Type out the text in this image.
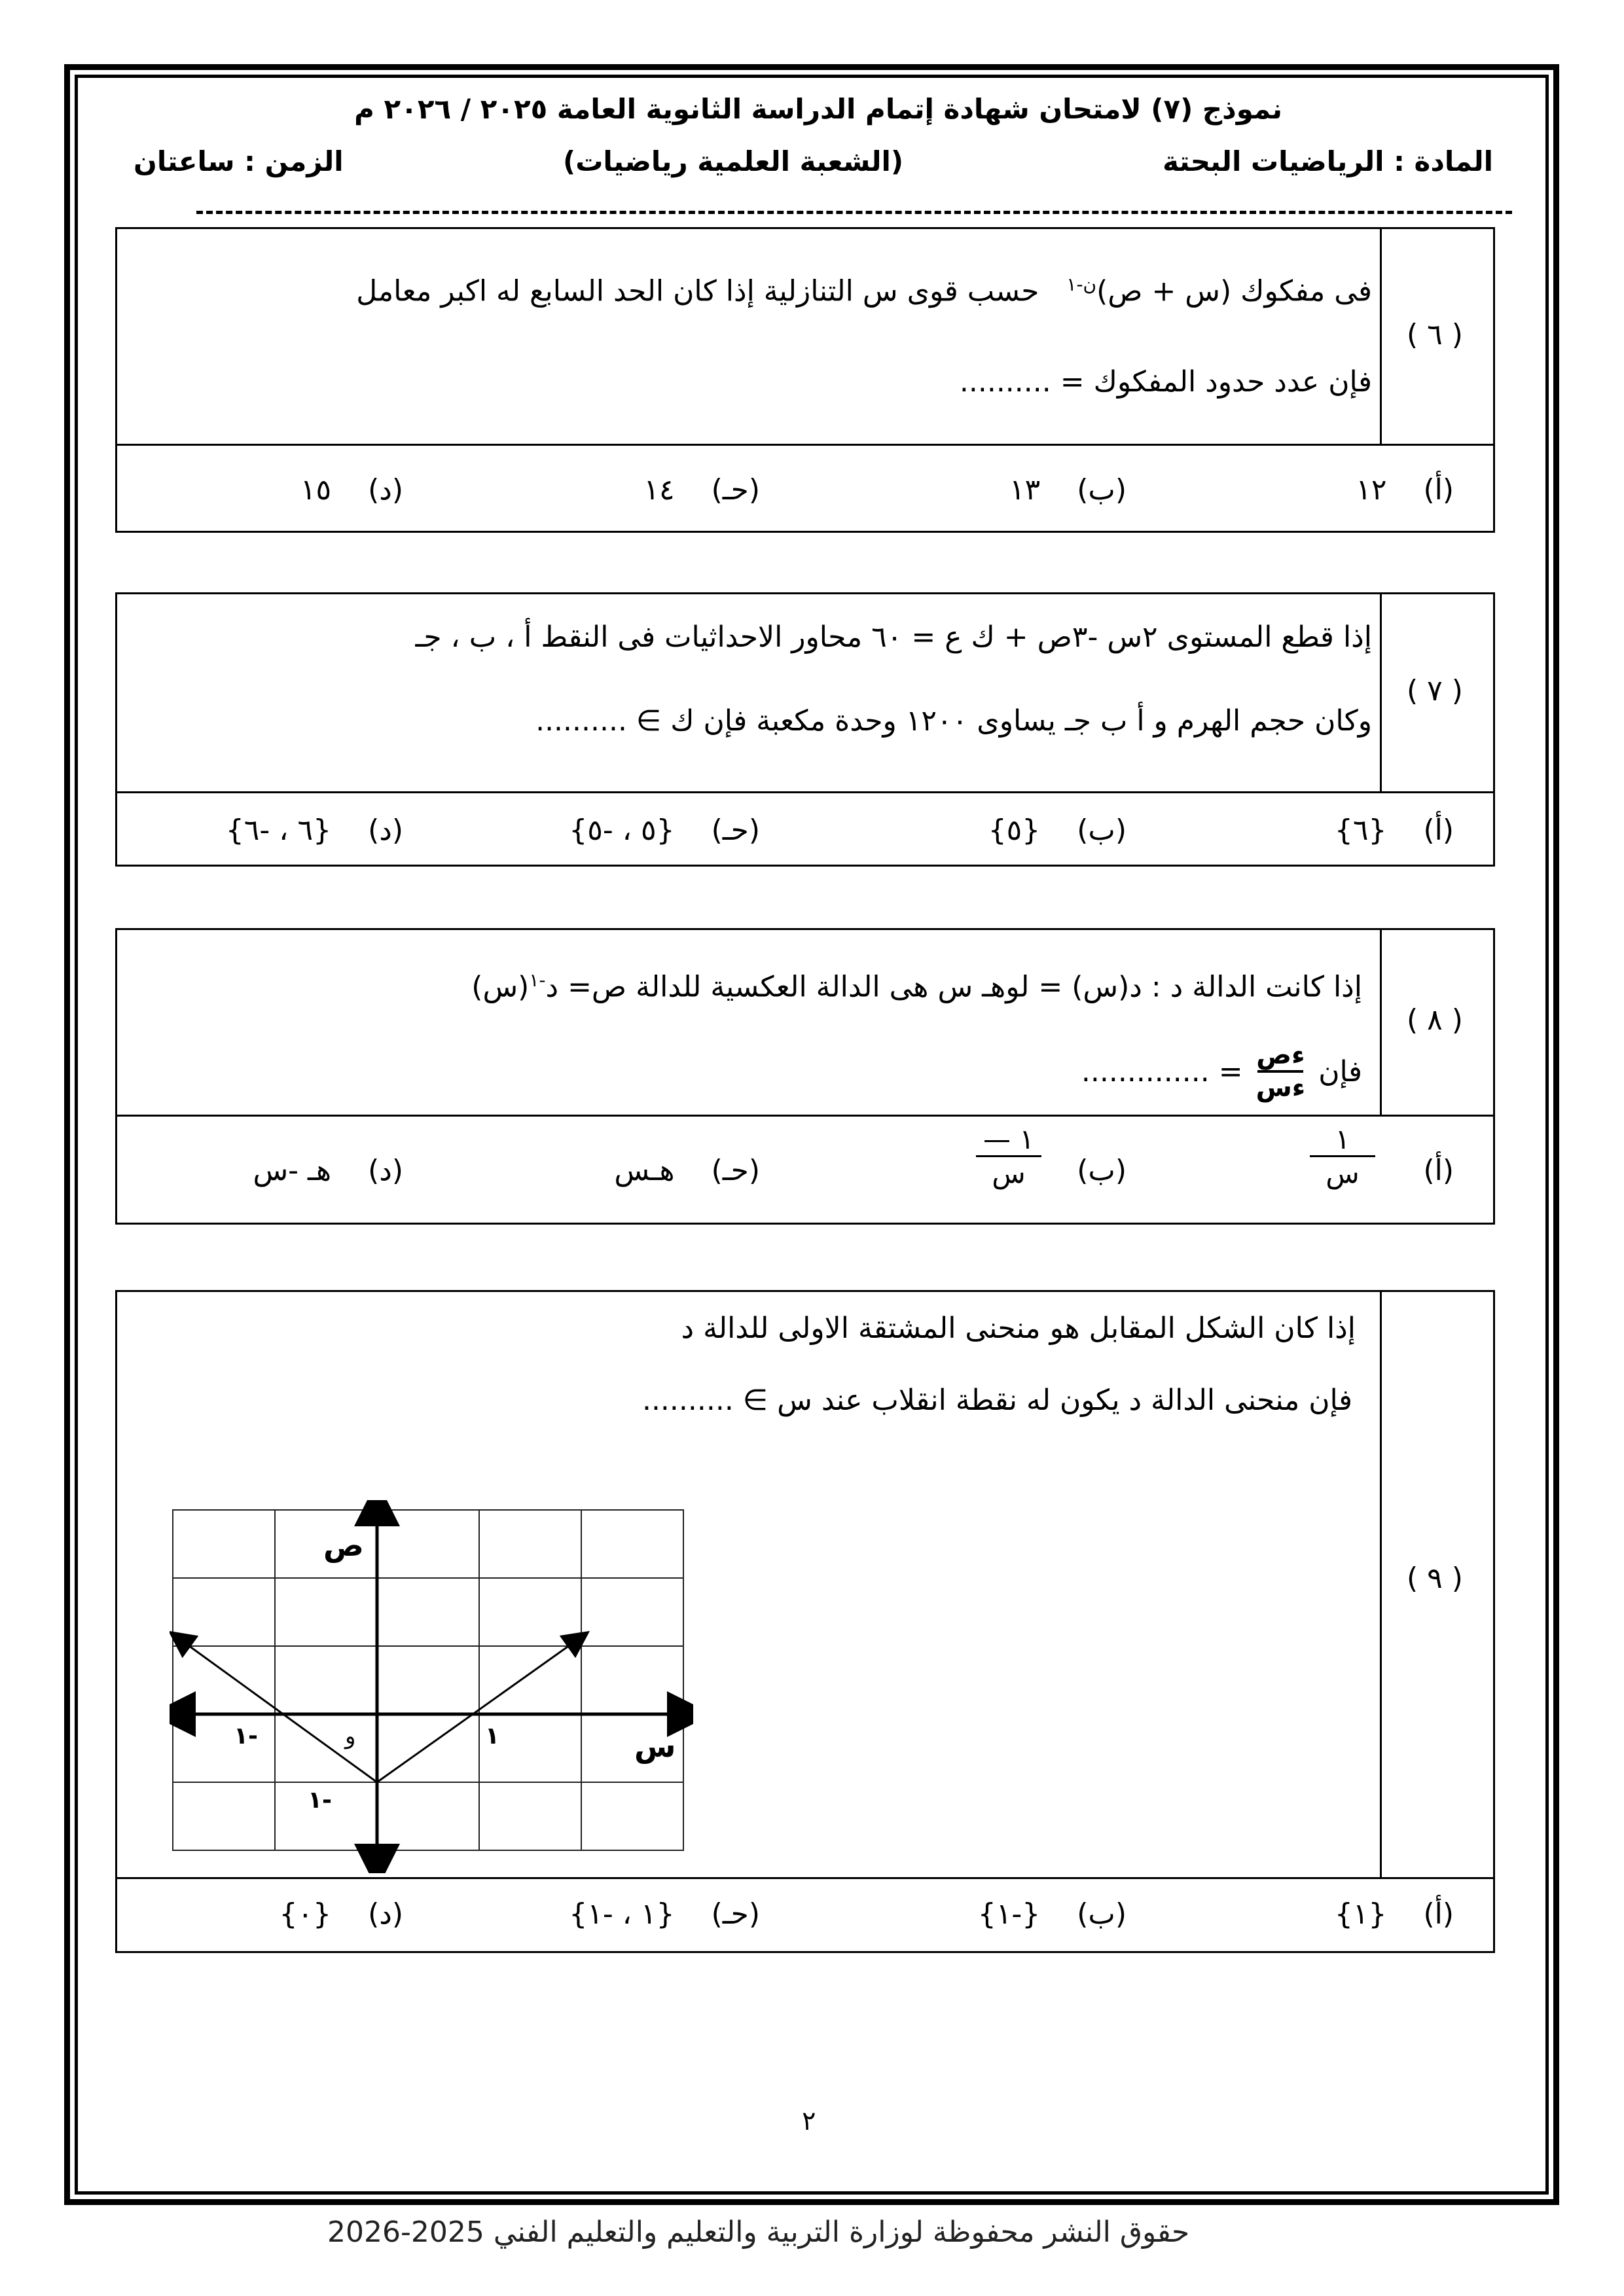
نموذج (٧) لامتحان شهادة إتمام الدراسة الثانوية العامة ٢٠٢٥ / ٢٠٢٦ م
المادة : الرياضيات البحتة
(الشعبة العلمية رياضيات)
الزمن : ساعتان
( ٦ )
فى مفكوك (س + ص)$^{ن-١}$   حسب قوى س التنازلية إذا كان الحد السابع له اكبر معامل
فإن عدد حدود المفكوك = ..........
(أ)    ١٢
(ب)    ١٣
(حـ)    ١٤
(د)    ١٥
( ٧ )
إذا قطع المستوى ٢س -٣ص + ك ع = ٦٠ محاور الاحداثيات فى النقط أ ، ب ، جـ
وكان حجم الهرم و أ ب جـ يساوى ١٢٠٠ وحدة مكعبة فإن ك ∋ ..........
(أ)    {٦}
(ب)    {٥}
(حـ)    {٥ ، -٥}
(د)    {٦ ، -٦}
( ٨ )
إذا كانت الدالة د : د(س) = لوهـ س هى الدالة العكسية للدالة ص= د$^{-١}$(س)
فإن
ءص
ءس
= ..............
(أ)
١
س
(ب)
١ —
س
(حـ)    هـس
(د)    هـ -س
( ٩ )
إذا كان الشكل المقابل هو منحنى المشتقة الاولى للدالة د
فإن منحنى الدالة د يكون له نقطة انقلاب عند س ∋ ..........
ص
س
و	١
-١
-١
(أ)    {١}
(ب)    {-١}
(حـ)    {١ ، -١}
(د)    {٠}
٢
حقوق النشر محفوظة لوزارة التربية والتعليم والتعليم الفني 2025-2026
